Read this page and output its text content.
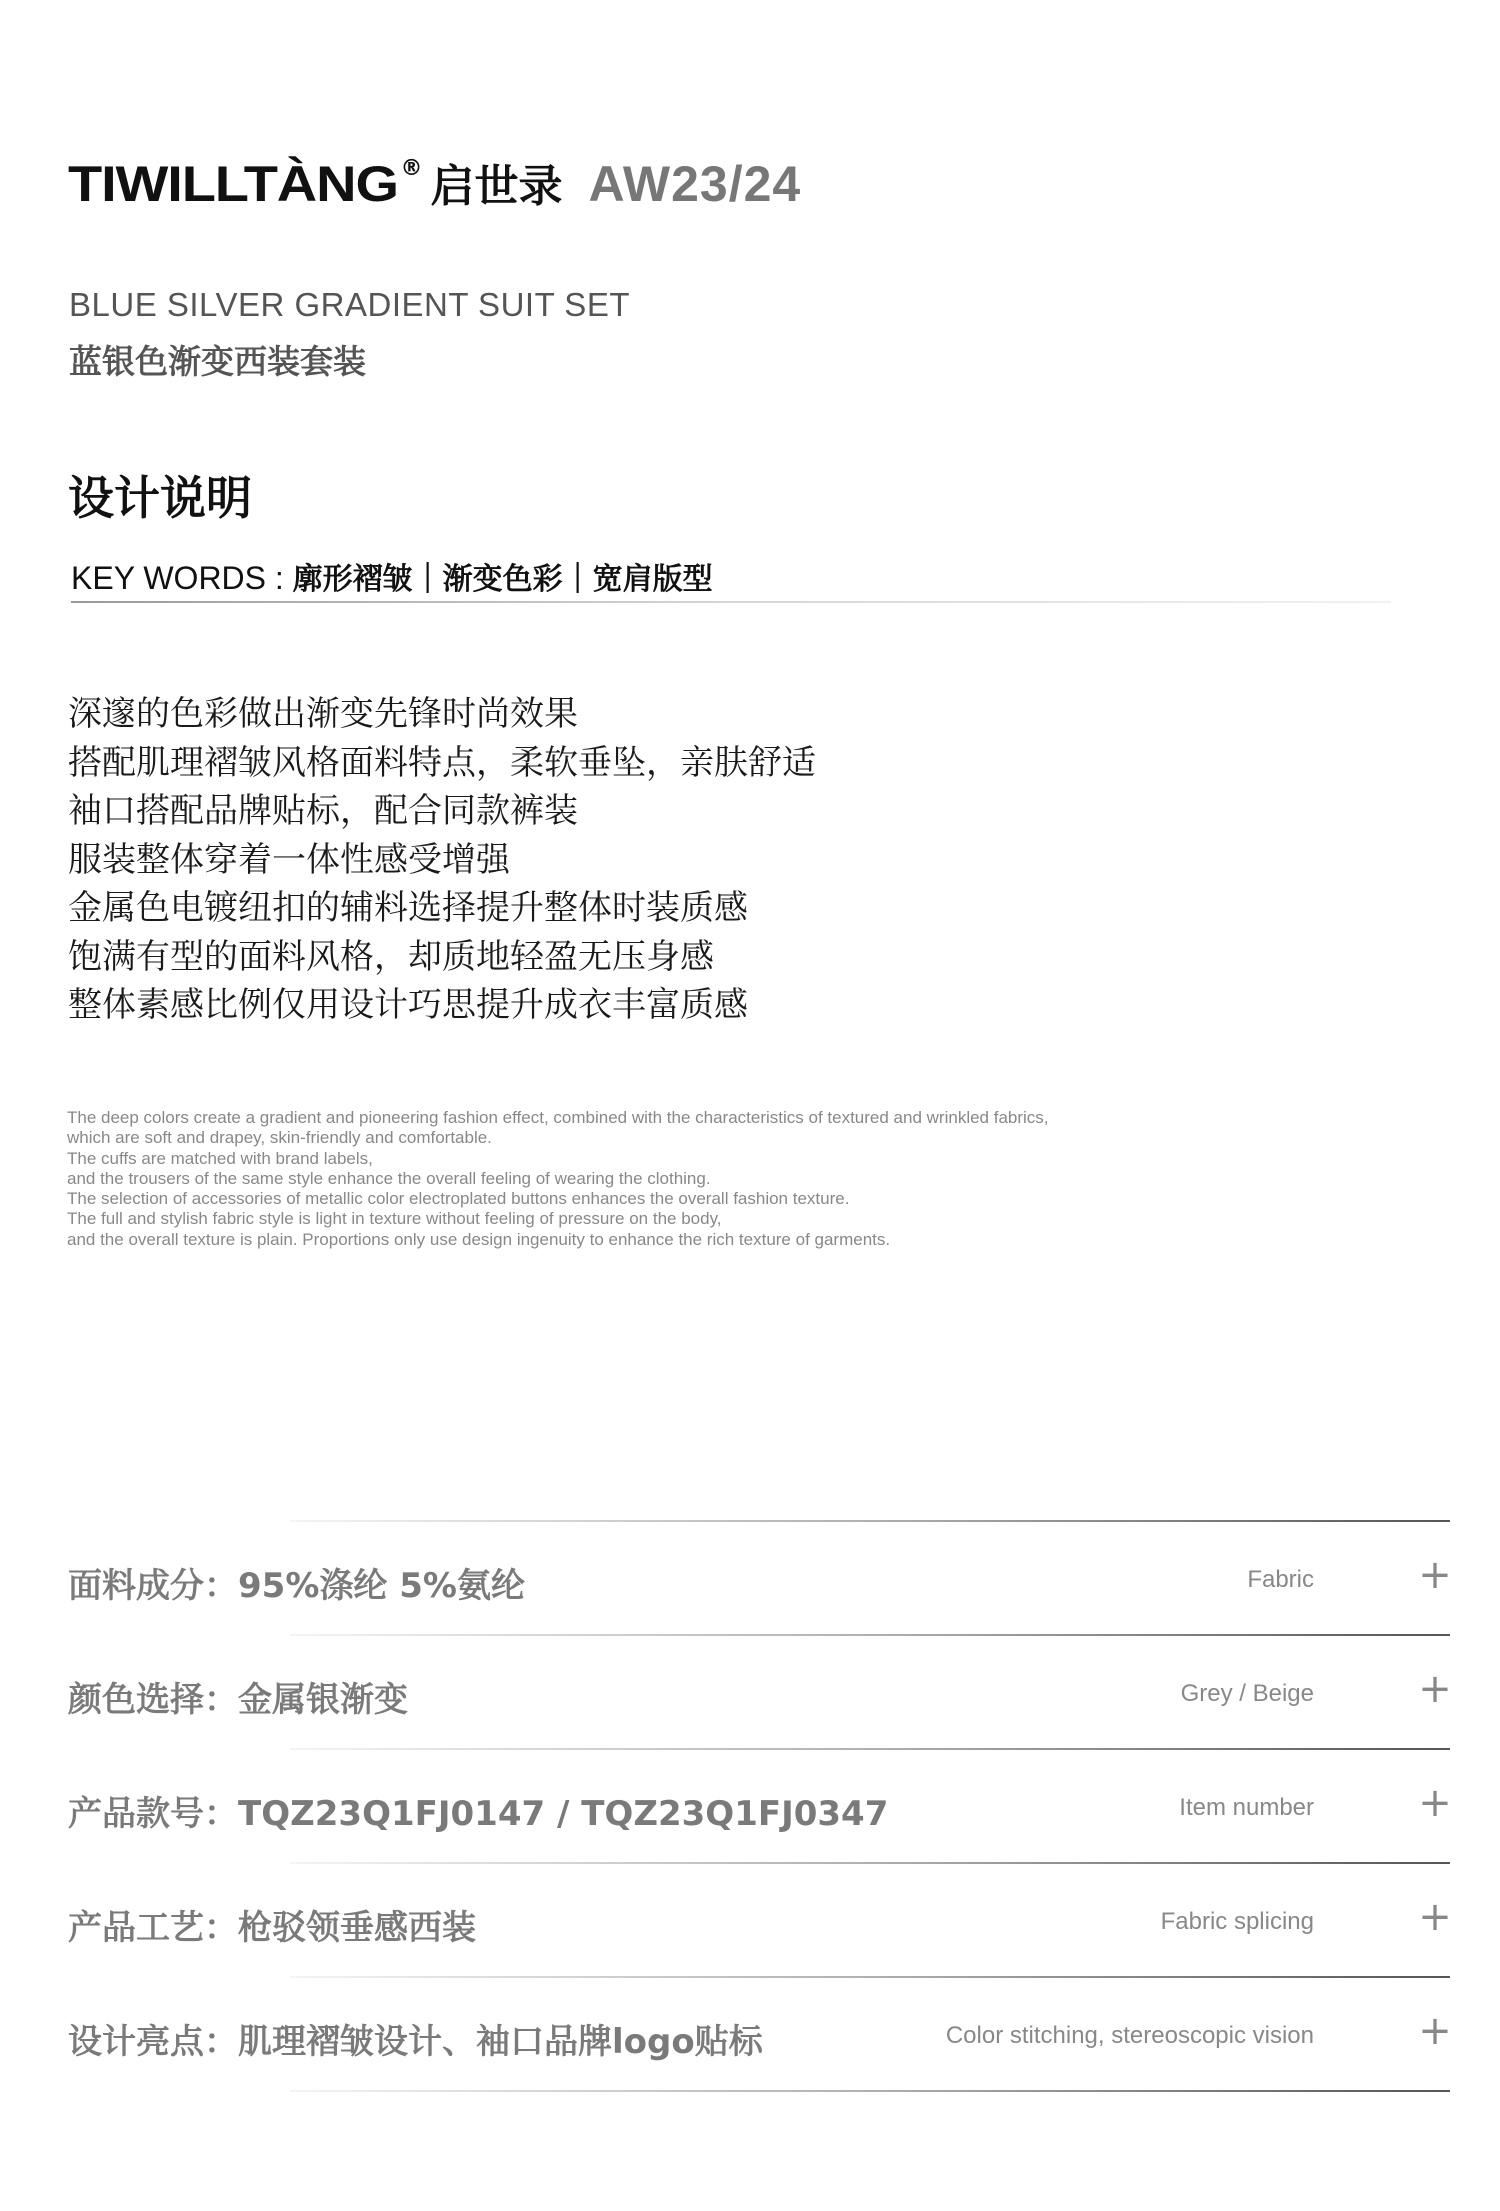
TIWILLTÀNG ® 启世录 AW23/24
BLUE SILVER GRADIENT SUIT SET
蓝银色渐变西装套装
设计说明
KEY WORDS : 廓形褶皱｜渐变色彩｜宽肩版型
深邃的色彩做出渐变先锋时尚效果
搭配肌理褶皱风格面料特点，柔软垂坠，亲肤舒适
袖口搭配品牌贴标，配合同款裤装
服装整体穿着一体性感受增强
金属色电镀纽扣的辅料选择提升整体时装质感
饱满有型的面料风格，却质地轻盈无压身感
整体素感比例仅用设计巧思提升成衣丰富质感
The deep colors create a gradient and pioneering fashion effect, combined with the characteristics of textured and wrinkled fabrics,
which are soft and drapey, skin-friendly and comfortable.
The cuffs are matched with brand labels,
and the trousers of the same style enhance the overall feeling of wearing the clothing.
The selection of accessories of metallic color electroplated buttons enhances the overall fashion texture.
The full and stylish fabric style is light in texture without feeling of pressure on the body,
and the overall texture is plain. Proportions only use design ingenuity to enhance the rich texture of garments.
面料成分：95%涤纶 5%氨纶	Fabric	+
颜色选择：金属银渐变	Grey / Beige	+
产品款号：TQZ23Q1FJ0147 / TQZ23Q1FJ0347	Item number	+
产品工艺：枪驳领垂感西装	Fabric splicing	+
设计亮点：肌理褶皱设计、袖口品牌logo贴标	Color stitching, stereoscopic vision	+
